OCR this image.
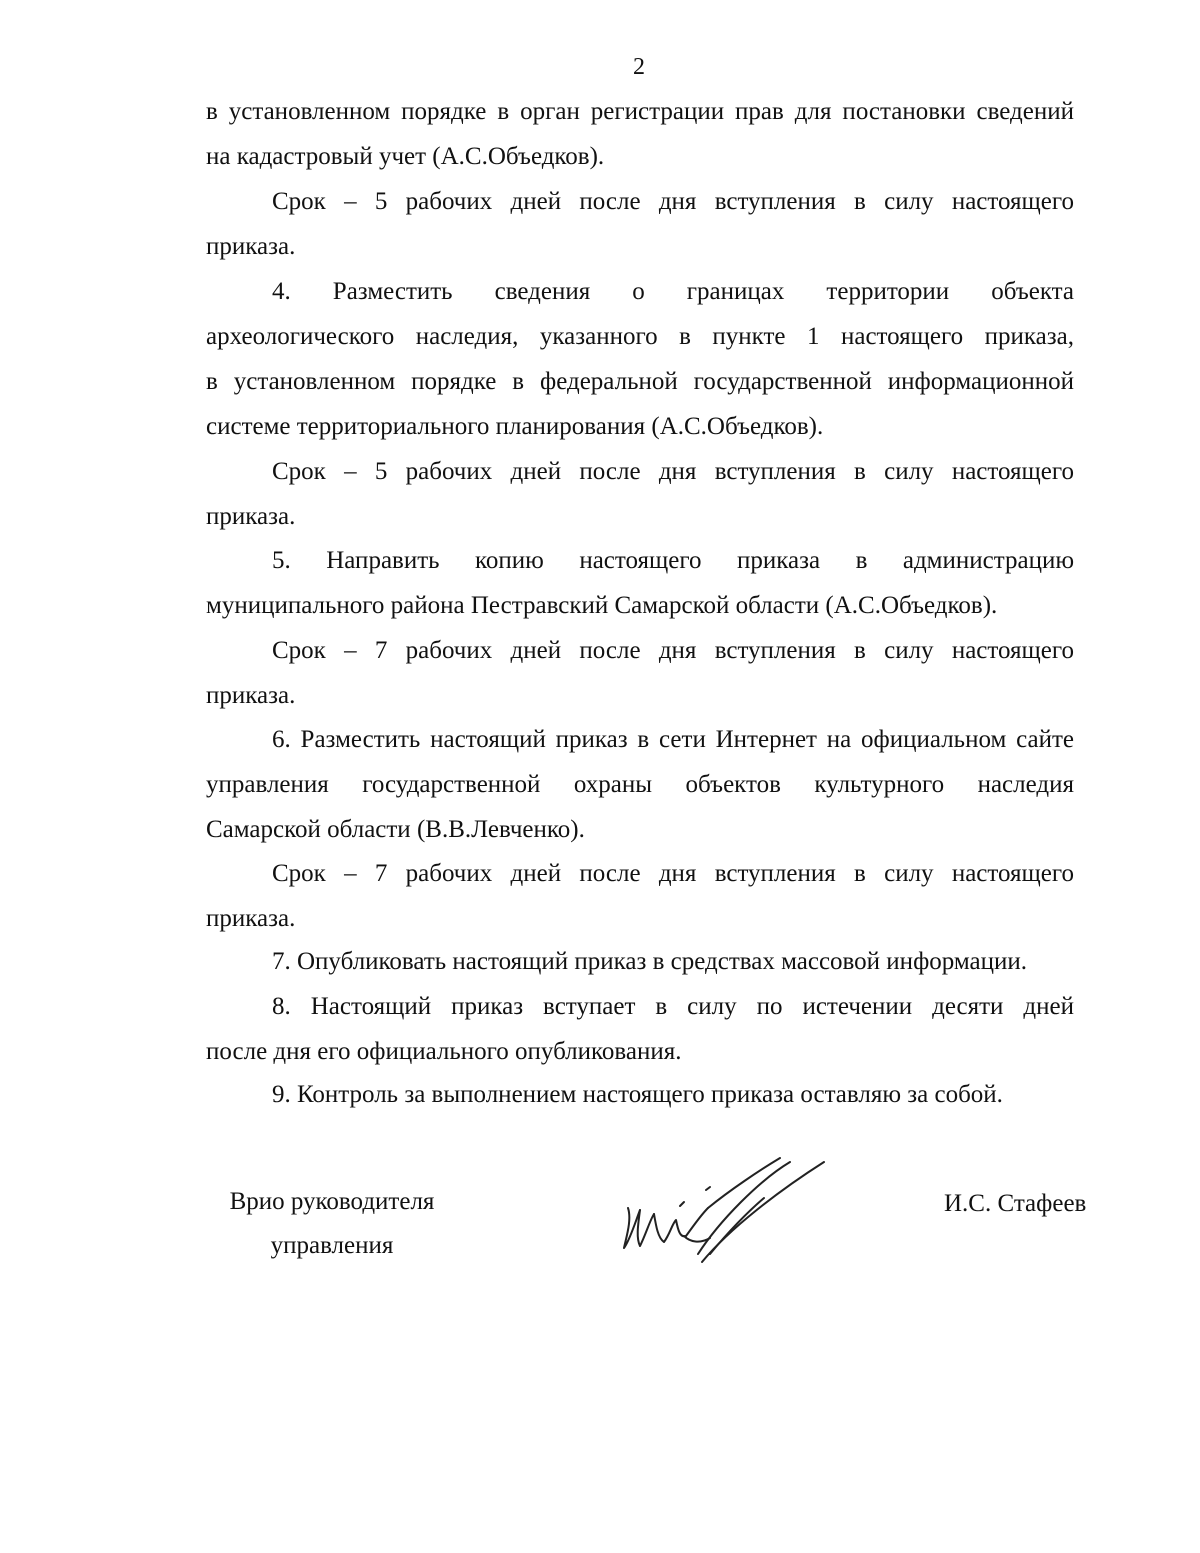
2
в установленном порядке в орган регистрации прав для постановки сведений
на кадастровый учет (А.С.Объедков).
Срок – 5 рабочих дней после дня вступления в силу настоящего
приказа.
4. Разместить сведения о границах территории объекта
археологического наследия, указанного в пункте 1 настоящего приказа,
в установленном порядке в федеральной государственной информационной
системе территориального планирования (А.С.Объедков).
Срок – 5 рабочих дней после дня вступления в силу настоящего
приказа.
5. Направить копию настоящего приказа в администрацию
муниципального района Пестравский Самарской области (А.С.Объедков).
Срок – 7 рабочих дней после дня вступления в силу настоящего
приказа.
6. Разместить настоящий приказ в сети Интернет на официальном сайте
управления государственной охраны объектов культурного наследия
Самарской области (В.В.Левченко).
Срок – 7 рабочих дней после дня вступления в силу настоящего
приказа.
7. Опубликовать настоящий приказ в средствах массовой информации.
8. Настоящий приказ вступает в силу по истечении десяти дней
после дня его официального опубликования.
9. Контроль за выполнением настоящего приказа оставляю за собой.
Врио руководителя
управления
И.С. Стафеев
